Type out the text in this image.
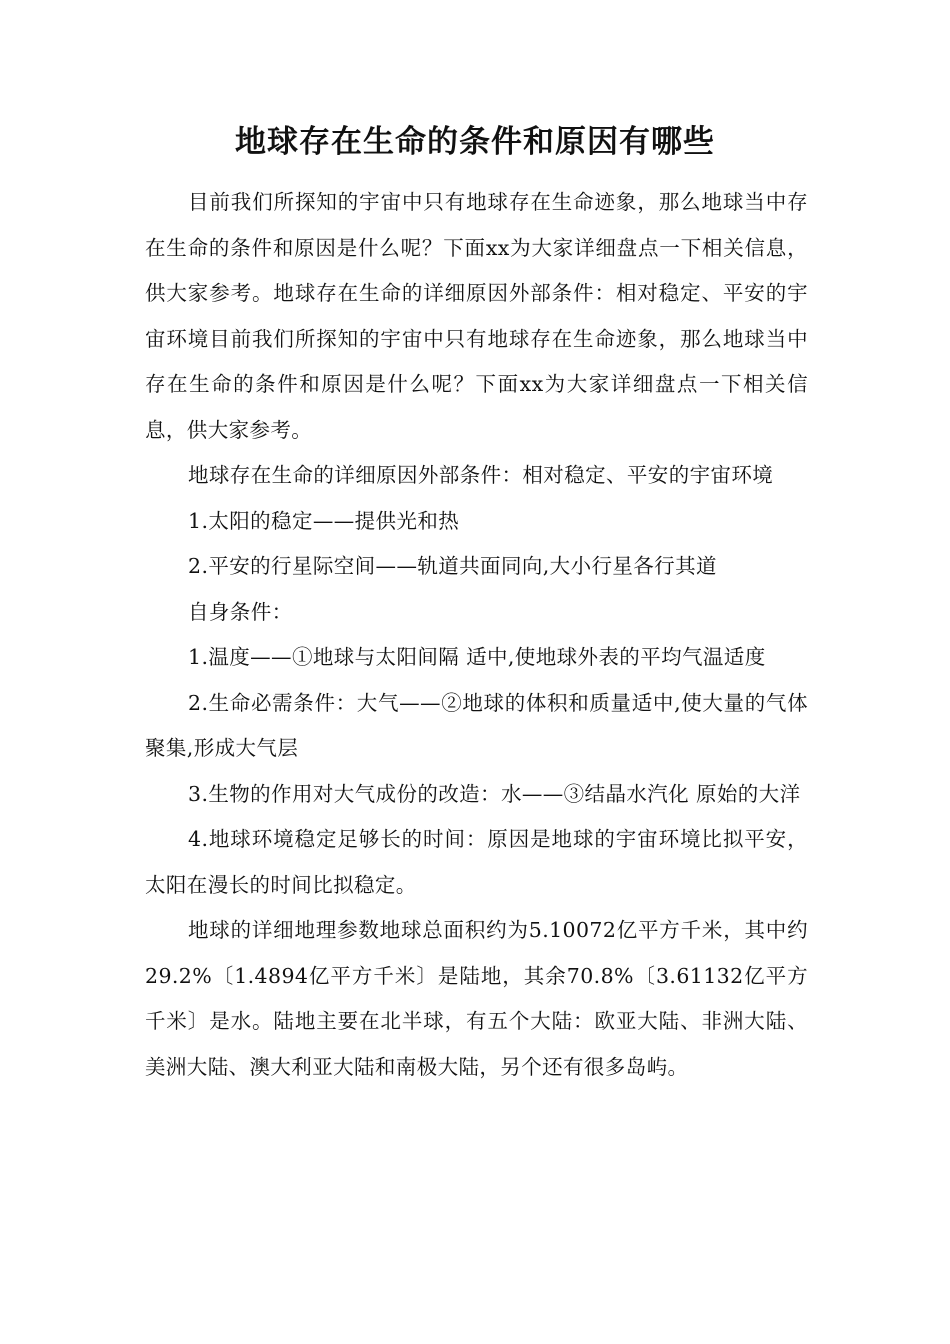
地球存在生命的条件和原因有哪些

目前我们所探知的宇宙中只有地球存在生命迹象，那么地球当中存在生命的条件和原因是什么呢？下面xx为大家详细盘点一下相关信息，供大家参考。地球存在生命的详细原因外部条件：相对稳定、平安的宇宙环境目前我们所探知的宇宙中只有地球存在生命迹象，那么地球当中存在生命的条件和原因是什么呢？下面xx为大家详细盘点一下相关信息，供大家参考。

地球存在生命的详细原因外部条件：相对稳定、平安的宇宙环境

1.太阳的稳定——提供光和热

2.平安的行星际空间——轨道共面同向,大小行星各行其道

自身条件：

1.温度——①地球与太阳间隔 适中,使地球外表的平均气温适度

2.生命必需条件：大气——②地球的体积和质量适中,使大量的气体聚集,形成大气层

3.生物的作用对大气成份的改造：水——③结晶水汽化 原始的大洋

4.地球环境稳定足够长的时间：原因是地球的宇宙环境比拟平安，太阳在漫长的时间比拟稳定。

地球的详细地理参数地球总面积约为5.10072亿平方千米，其中约29.2%〔1.4894亿平方千米〕是陆地，其余70.8%〔3.61132亿平方千米〕是水。陆地主要在北半球，有五个大陆：欧亚大陆、非洲大陆、美洲大陆、澳大利亚大陆和南极大陆，另个还有很多岛屿。
